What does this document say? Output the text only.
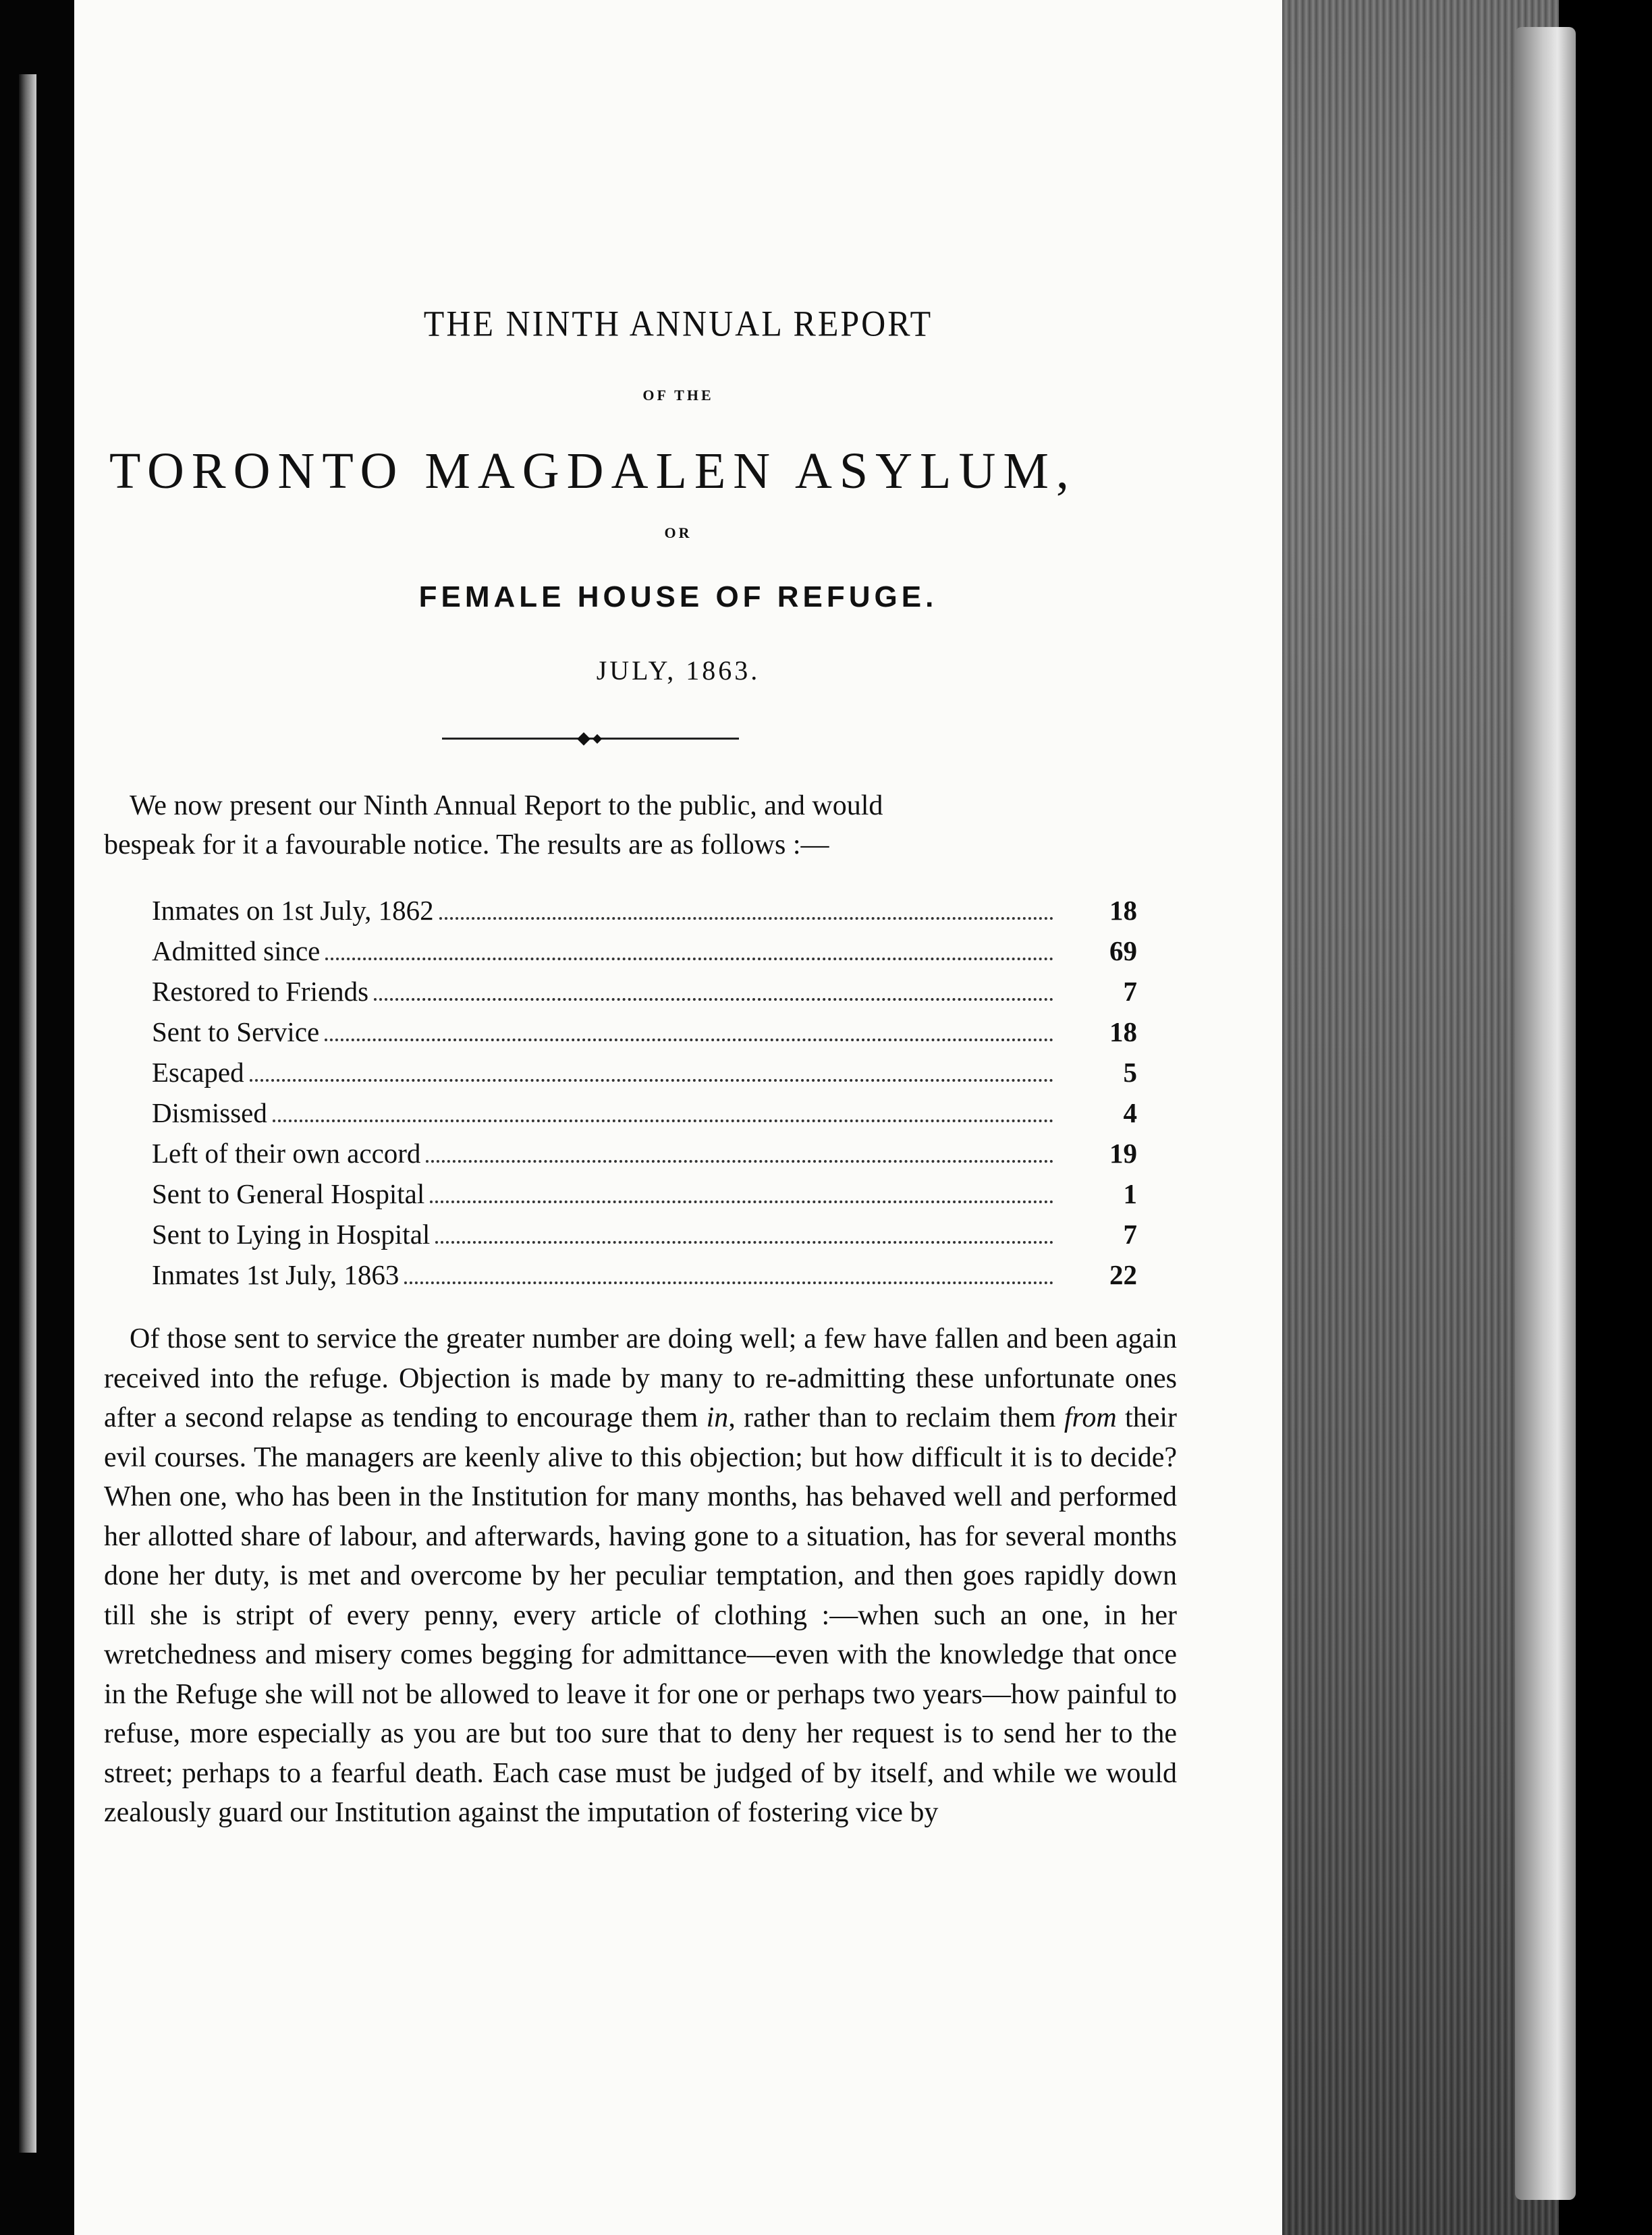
THE NINTH ANNUAL REPORT
OF THE
TORONTO MAGDALEN ASYLUM,
OR
FEMALE HOUSE OF REFUGE.
JULY, 1863.

We now present our Ninth Annual Report to the public, and would

bespeak for it a favourable notice. The results are as follows :—

Inmates on 1st July, 1862	18
Admitted since	69
Restored to Friends	7
Sent to Service	18
Escaped	5
Dismissed	4
Left of their own accord	19
Sent to General Hospital	1
Sent to Lying in Hospital	7
Inmates 1st July, 1863	22

Of those sent to service the greater number are doing well; a few have fallen and been again received into the refuge. Objection is made by many to re-admitting these unfortunate ones after a second relapse as tending to encourage them in, rather than to reclaim them from their evil courses. The managers are keenly alive to this objection; but how difficult it is to decide? When one, who has been in the Institution for many months, has behaved well and performed her allotted share of labour, and afterwards, having gone to a situation, has for several months done her duty, is met and overcome by her peculiar temptation, and then goes rapidly down till she is stript of every penny, every article of clothing :—when such an one, in her wretchedness and misery comes begging for admittance—even with the knowledge that once in the Refuge she will not be allowed to leave it for one or perhaps two years—how painful to refuse, more especially as you are but too sure that to deny her request is to send her to the street; perhaps to a fearful death. Each case must be judged of by itself, and while we would zealously guard our Institution against the imputation of fostering vice by
